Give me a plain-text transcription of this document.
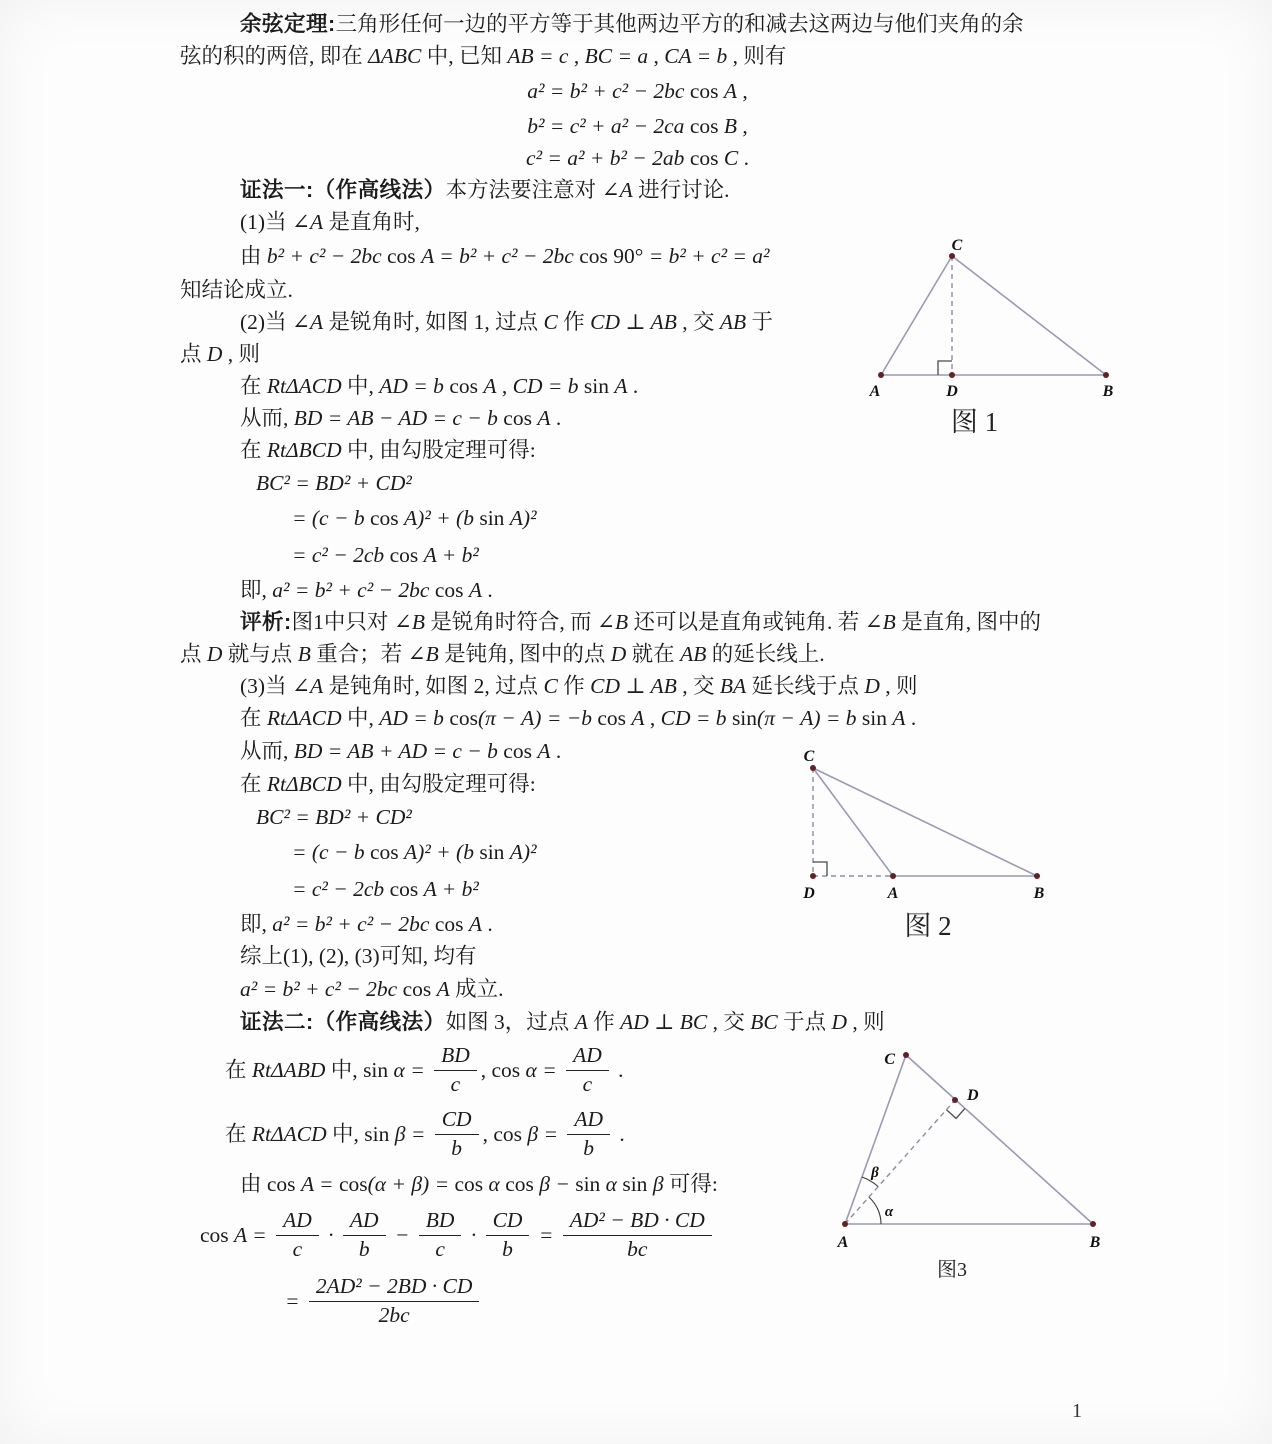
余弦定理:三角形任何一边的平方等于其他两边平方的和减去这两边与他们夹角的余
弦的积的两倍, 即在 ΔABC 中, 已知 AB = c , BC = a , CA = b , 则有
a² = b² + c² − 2bc cos A ,
b² = c² + a² − 2ca cos B ,
c² = a² + b² − 2ab cos C .
证法一:（作高线法）本方法要注意对 ∠A 进行讨论.
(1)当 ∠A 是直角时,
由 b² + c² − 2bc cos A = b² + c² − 2bc cos 90° = b² + c² = a²
知结论成立.
(2)当 ∠A 是锐角时, 如图 1, 过点 C 作 CD ⊥ AB , 交 AB 于
点 D , 则
在 RtΔACD 中, AD = b cos A , CD = b sin A .
从而, BD = AB − AD = c − b cos A .
在 RtΔBCD 中, 由勾股定理可得:
BC² = BD² + CD²
= (c − b cos A)² + (b sin A)²
= c² − 2cb cos A + b²
即, a² = b² + c² − 2bc cos A .
评析:图1中只对 ∠B 是锐角时符合, 而 ∠B 还可以是直角或钝角. 若 ∠B 是直角, 图中的
点 D 就与点 B 重合；若 ∠B 是钝角, 图中的点 D 就在 AB 的延长线上.
(3)当 ∠A 是钝角时, 如图 2, 过点 C 作 CD ⊥ AB , 交 BA 延长线于点 D , 则
在 RtΔACD 中, AD = b cos(π − A) = −b cos A , CD = b sin(π − A) = b sin A .
从而, BD = AB + AD = c − b cos A .
在 RtΔBCD 中, 由勾股定理可得:
BC² = BD² + CD²
= (c − b cos A)² + (b sin A)²
= c² − 2cb cos A + b²
即, a² = b² + c² − 2bc cos A .
综上(1), (2), (3)可知, 均有
a² = b² + c² − 2bc cos A 成立.
证法二:（作高线法）如图 3，过点 A 作 AD ⊥ BC , 交 BC 于点 D , 则
在 RtΔABD 中, $\sin \alpha = \frac{BD}{c}$ , $\cos \alpha = \frac{AD}{c}$ .
在 RtΔACD 中, $\sin \beta = \frac{CD}{b}$ , $\cos \beta = \frac{AD}{b}$ .
由 cos A = cos(α + β) = cos α cos β − sin α sin β 可得:
$\cos A = \frac{AD}{c} \cdot \frac{AD}{b} - \frac{BD}{c} \cdot \frac{CD}{b} = \frac{\text{AD² − BD · CD}}{bc}$
= $\frac{\text{2AD² − 2BD · CD}}{2bc}$
A	D	B
C
图 1
C
D	A	B
图 2
C
D
A	B
β
α
图3
1
